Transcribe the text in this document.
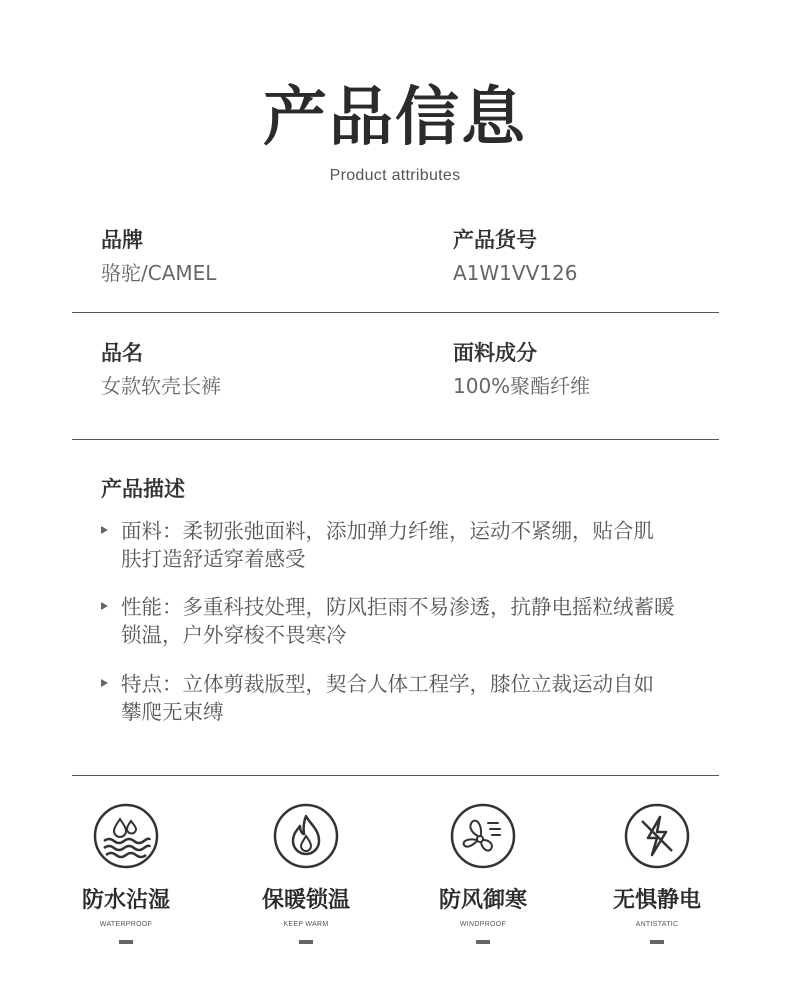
产品信息
Product attributes
品牌
骆驼/CAMEL
产品货号
A1W1VV126
品名
女款软壳长裤
面料成分
100%聚酯纤维
产品描述
面料：柔韧张弛面料，添加弹力纤维，运动不紧绷，贴合肌
肤打造舒适穿着感受
性能：多重科技处理，防风拒雨不易渗透，抗静电摇粒绒蓄暖
锁温，户外穿梭不畏寒冷
特点：立体剪裁版型，契合人体工程学，膝位立裁运动自如
攀爬无束缚
防水沾湿
WATERPROOF
保暖锁温
KEEP WARM
防风御寒
WINDPROOF
无惧静电
ANTISTATIC
